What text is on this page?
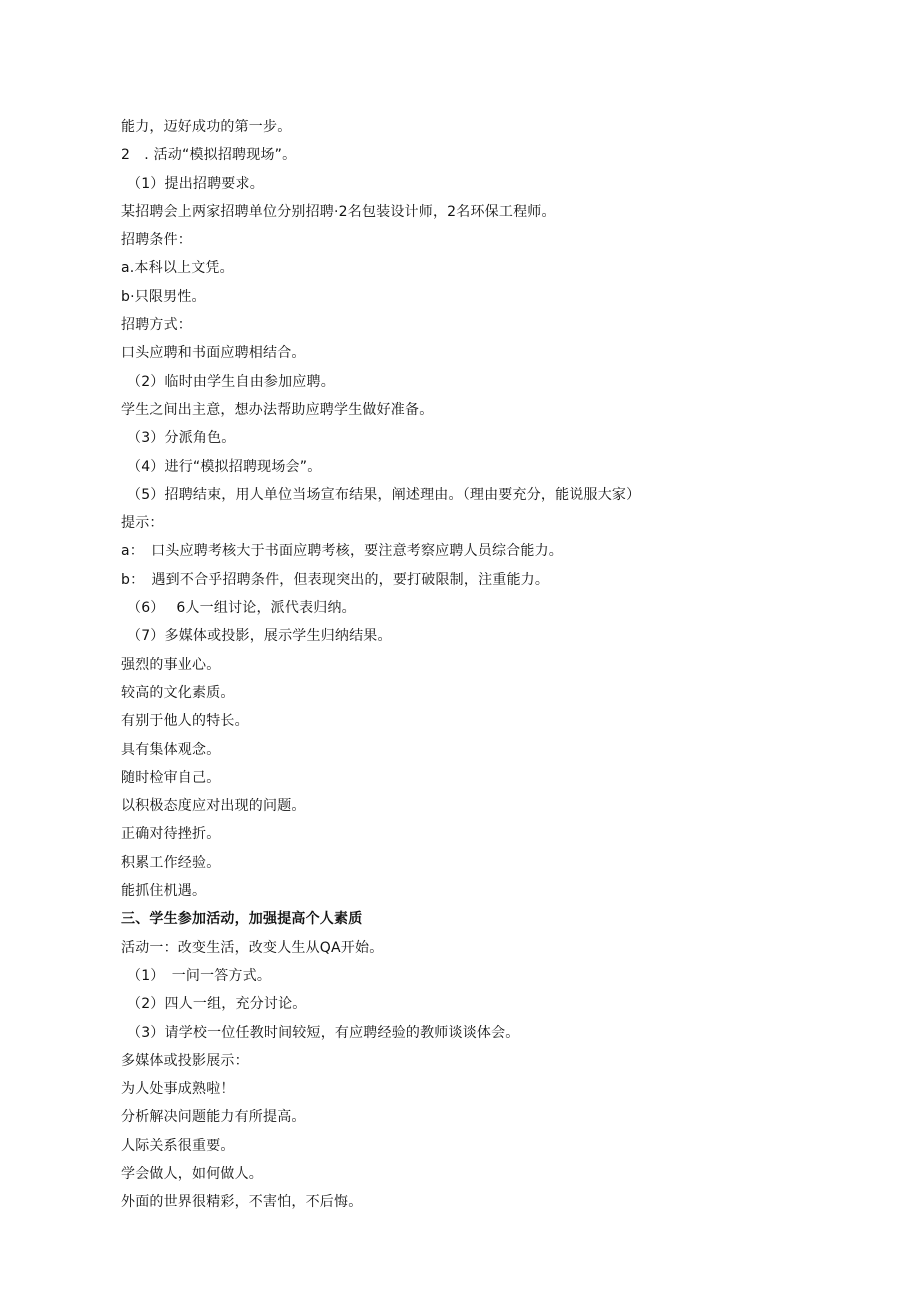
能力，迈好成功的第一步。
2　. 活动“模拟招聘现场”。
（1）提出招聘要求。
某招聘会上两家招聘单位分别招聘·2名包装设计师，2名环保工程师。
招聘条件：
a.本科以上文凭。
b·只限男性。
招聘方式：
口头应聘和书面应聘相结合。
（2）临时由学生自由参加应聘。
学生之间出主意，想办法帮助应聘学生做好准备。
（3）分派角色。
（4）进行“模拟招聘现场会”。
（5）招聘结束，用人单位当场宣布结果，阐述理由。（理由要充分，能说服大家）
提示：
a：　口头应聘考核大于书面应聘考核，要注意考察应聘人员综合能力。
b：　遇到不合乎招聘条件，但表现突出的，要打破限制，注重能力。
（6）　 6人一组讨论，派代表归纳。
（7）多媒体或投影，展示学生归纳结果。
强烈的事业心。
较高的文化素质。
有别于他人的特长。
具有集体观念。
随时检审自己。
以积极态度应对出现的问题。
正确对待挫折。
积累工作经验。
能抓住机遇。
三、学生参加活动，加强提高个人素质
活动一：改变生活，改变人生从QA开始。
（1）　一问一答方式。
（2）四人一组，充分讨论。
（3）请学校一位任教时间较短，有应聘经验的教师谈谈体会。
多媒体或投影展示：
为人处事成熟啦！
分析解决问题能力有所提高。
人际关系很重要。
学会做人，如何做人。
外面的世界很精彩，不害怕，不后悔。
